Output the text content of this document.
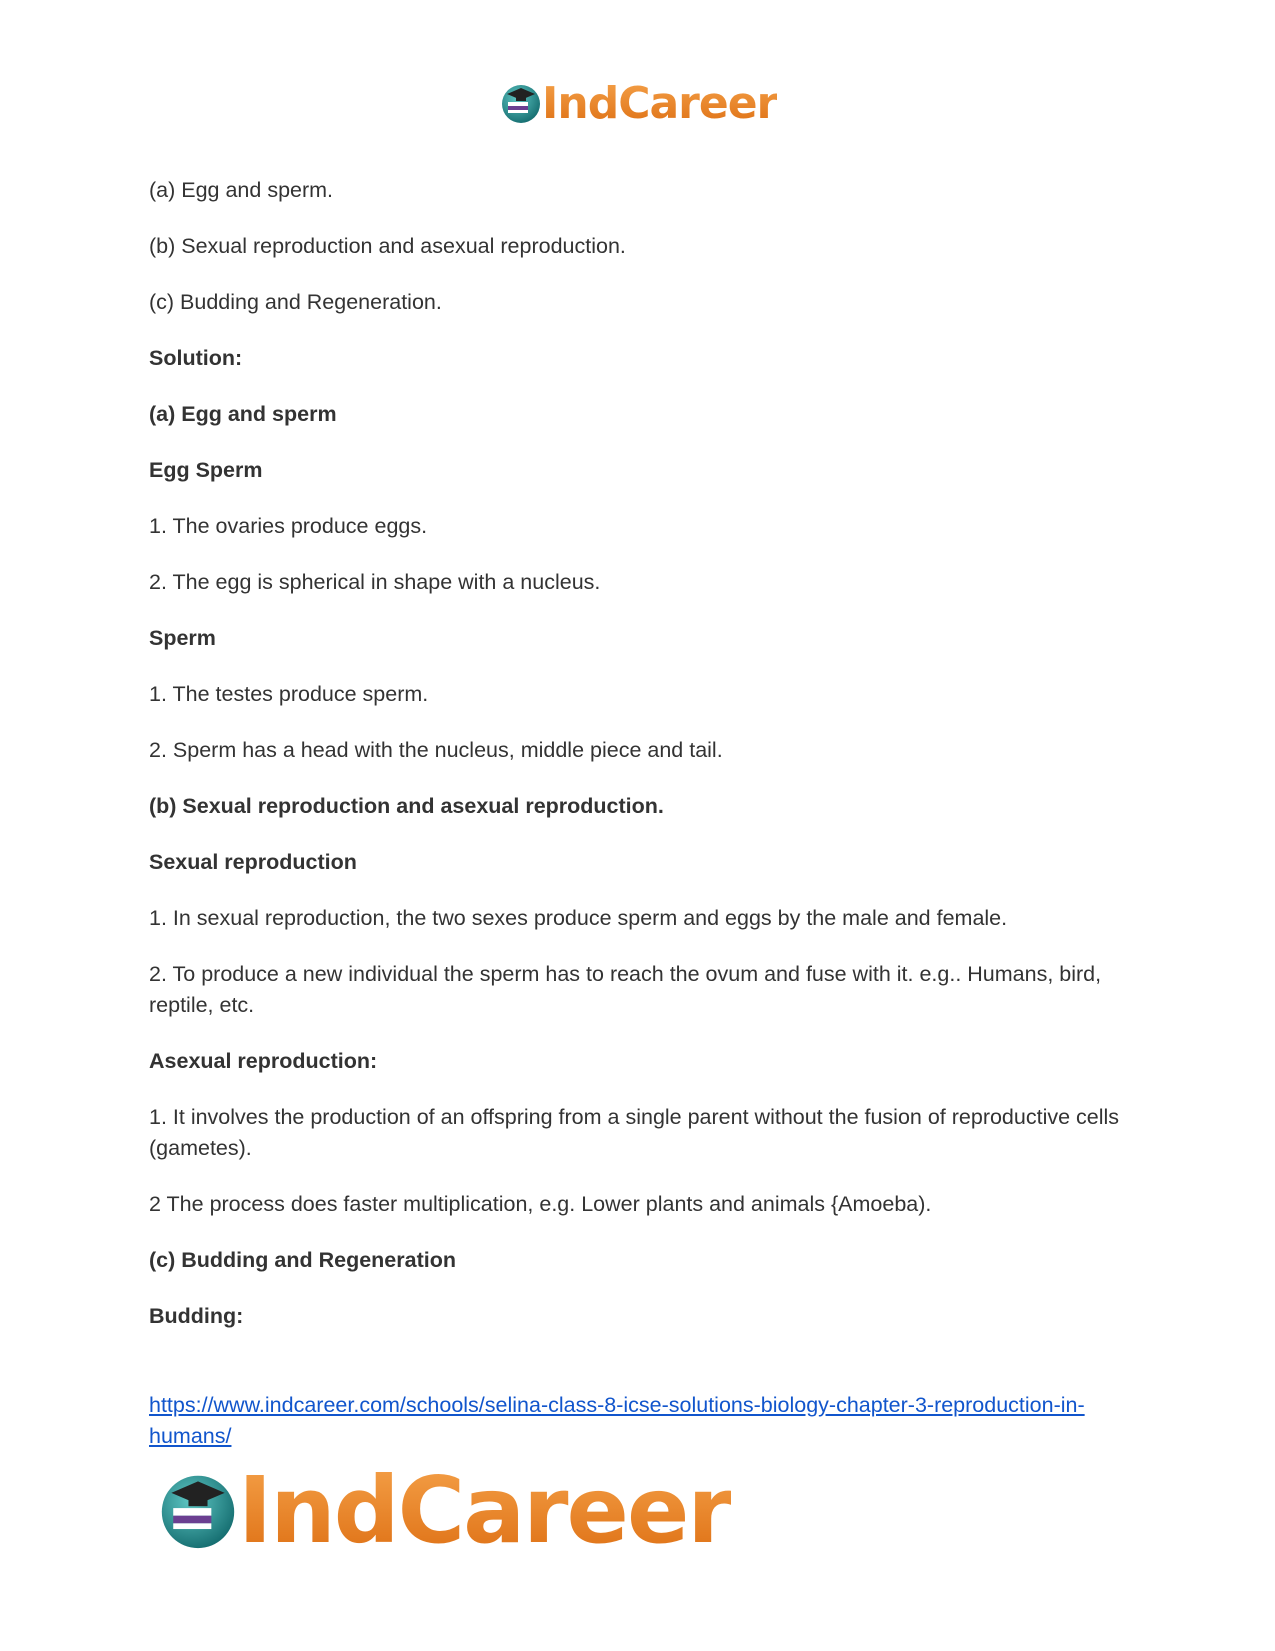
IndCareer

(a) Egg and sperm.

(b) Sexual reproduction and asexual reproduction.

(c) Budding and Regeneration.

Solution:

(a) Egg and sperm

Egg Sperm

1. The ovaries produce eggs.

2. The egg is spherical in shape with a nucleus.

Sperm

1. The testes produce sperm.

2. Sperm has a head with the nucleus, middle piece and tail.

(b) Sexual reproduction and asexual reproduction.

Sexual reproduction

1. In sexual reproduction, the two sexes produce sperm and eggs by the male and female.

2. To produce a new individual the sperm has to reach the ovum and fuse with it. e.g.. Humans, bird, reptile, etc.

Asexual reproduction:

1. It involves the production of an offspring from a single parent without the fusion of reproductive cells (gametes).

2 The process does faster multiplication, e.g. Lower plants and animals {Amoeba).

(c) Budding and Regeneration

Budding:

https://www.indcareer.com/schools/selina-class-8-icse-solutions-biology-chapter-3-reproduction-in-humans/
IndCareer
